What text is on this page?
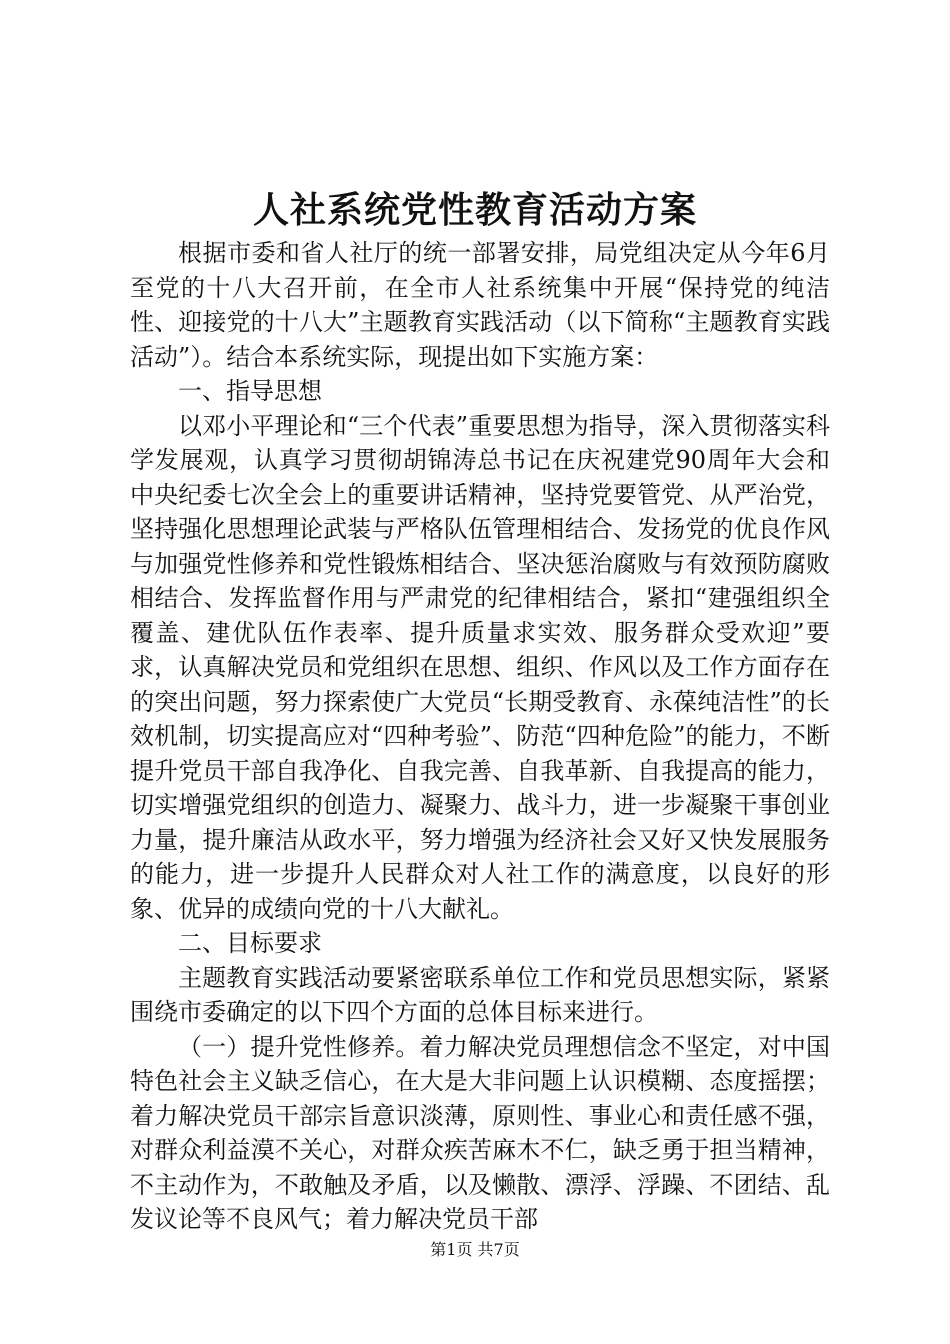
人社系统党性教育活动方案

根据市委和省人社厅的统一部署安排，局党组决定从今年6月至党的十八大召开前，在全市人社系统集中开展“保持党的纯洁性、迎接党的十八大”主题教育实践活动（以下简称“主题教育实践活动”）。结合本系统实际，现提出如下实施方案：

一、指导思想

以邓小平理论和“三个代表”重要思想为指导，深入贯彻落实科学发展观，认真学习贯彻胡锦涛总书记在庆祝建党90周年大会和中央纪委七次全会上的重要讲话精神，坚持党要管党、从严治党，坚持强化思想理论武装与严格队伍管理相结合、发扬党的优良作风与加强党性修养和党性锻炼相结合、坚决惩治腐败与有效预防腐败相结合、发挥监督作用与严肃党的纪律相结合，紧扣“建强组织全覆盖、建优队伍作表率、提升质量求实效、服务群众受欢迎”要求，认真解决党员和党组织在思想、组织、作风以及工作方面存在的突出问题，努力探索使广大党员“长期受教育、永葆纯洁性”的长效机制，切实提高应对“四种考验”、防范“四种危险”的能力，不断提升党员干部自我净化、自我完善、自我革新、自我提高的能力，切实增强党组织的创造力、凝聚力、战斗力，进一步凝聚干事创业力量，提升廉洁从政水平，努力增强为经济社会又好又快发展服务的能力，进一步提升人民群众对人社工作的满意度，以良好的形象、优异的成绩向党的十八大献礼。

二、目标要求

主题教育实践活动要紧密联系单位工作和党员思想实际，紧紧围绕市委确定的以下四个方面的总体目标来进行。

（一）提升党性修养。着力解决党员理想信念不坚定，对中国特色社会主义缺乏信心，在大是大非问题上认识模糊、态度摇摆；着力解决党员干部宗旨意识淡薄，原则性、事业心和责任感不强，对群众利益漠不关心，对群众疾苦麻木不仁，缺乏勇于担当精神，不主动作为，不敢触及矛盾，以及懒散、漂浮、浮躁、不团结、乱发议论等不良风气；着力解决党员干部

第1页 共7页
